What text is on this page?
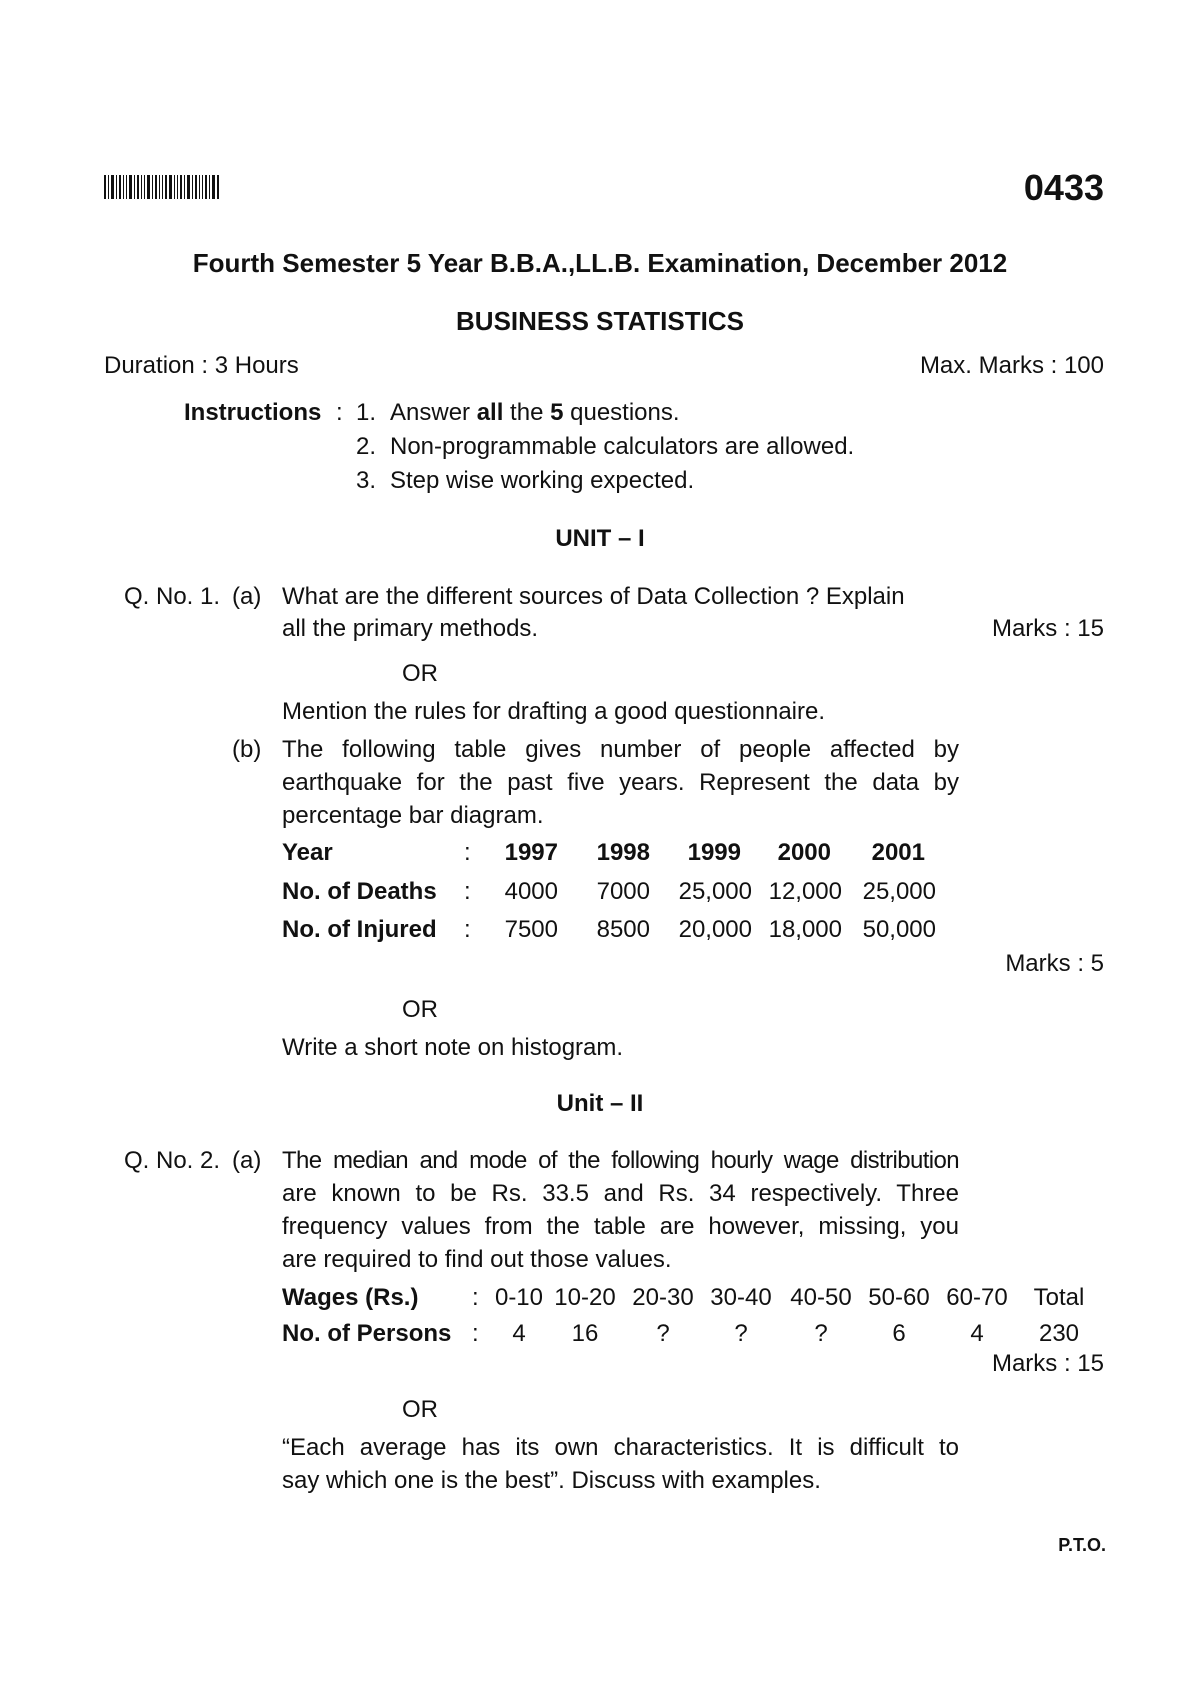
0433
Fourth Semester 5 Year B.B.A.,LL.B. Examination, December 2012
BUSINESS STATISTICS
Duration : 3 Hours	Max. Marks : 100
Instructions : 1. Answer all the 5 questions.
2. Non-programmable calculators are allowed.
3. Step wise working expected.
UNIT – I
Q. No. 1. (a) What are the different sources of Data Collection ? Explain
all the primary methods.	Marks : 15
OR
Mention the rules for drafting a good questionnaire.
(b) The following table gives number of people affected by
earthquake for the past five years. Represent the data by
percentage bar diagram.
Year	:	1997	1998	1999	2000	2001
No. of Deaths :	4000	7000	25,000 12,000 25,000
No. of Injured :	7500	8500	20,000 18,000 50,000
Marks : 5
OR
Write a short note on histogram.
Unit – II
Q. No. 2. (a) The median and mode of the following hourly wage distribution
are known to be Rs. 33.5 and Rs. 34 respectively. Three
frequency values from the table are however, missing, you
are required to find out those values.
Wages (Rs.) : 0-10 10-20 20-30 30-40 40-50 50-60 60-70	Total
No. of Persons :	4	16	?	?	?	6	4	230
Marks : 15
OR
“Each average has its own characteristics. It is difficult to
say which one is the best”. Discuss with examples.
P.T.O.
